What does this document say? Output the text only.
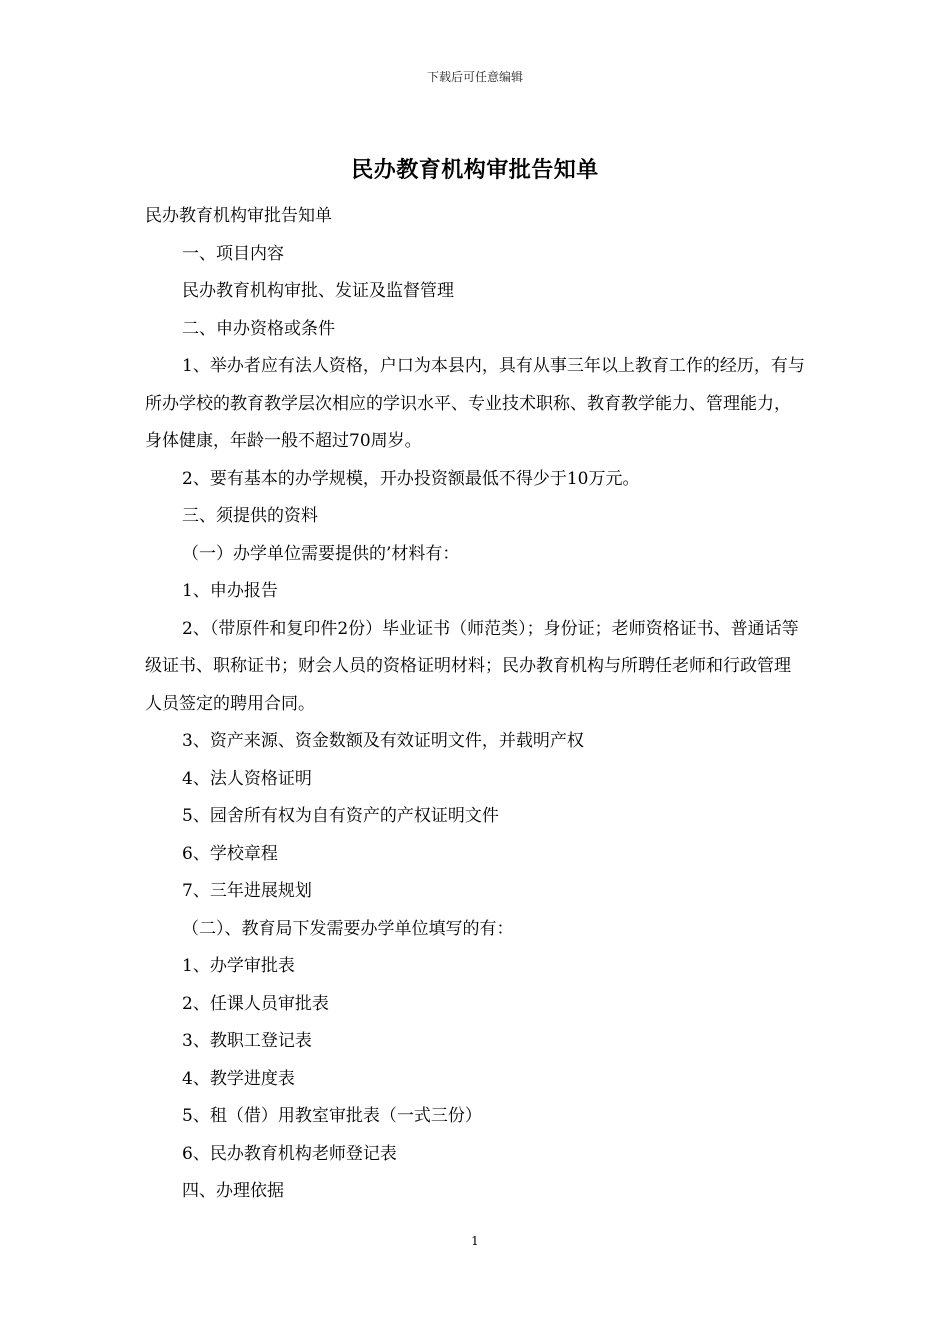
下载后可任意编辑
民办教育机构审批告知单

民办教育机构审批告知单

一、项目内容

民办教育机构审批、发证及监督管理

二、申办资格或条件

1、举办者应有法人资格，户口为本县内，具有从事三年以上教育工作的经历，有与所办学校的教育教学层次相应的学识水平、专业技术职称、教育教学能力、管理能力，身体健康，年龄一般不超过70周岁。

2、要有基本的办学规模，开办投资额最低不得少于10万元。

三、须提供的资料

（一）办学单位需要提供的’材料有：

1、申办报告

2、（带原件和复印件2份）毕业证书（师范类）；身份证；老师资格证书、普通话等级证书、职称证书；财会人员的资格证明材料；民办教育机构与所聘任老师和行政管理人员签定的聘用合同。

3、资产来源、资金数额及有效证明文件，并载明产权

4、法人资格证明

5、园舍所有权为自有资产的产权证明文件

6、学校章程

7、三年进展规划

（二）、教育局下发需要办学单位填写的有：

1、办学审批表

2、任课人员审批表

3、教职工登记表

4、教学进度表

5、租（借）用教室审批表（一式三份）

6、民办教育机构老师登记表

四、办理依据

1
